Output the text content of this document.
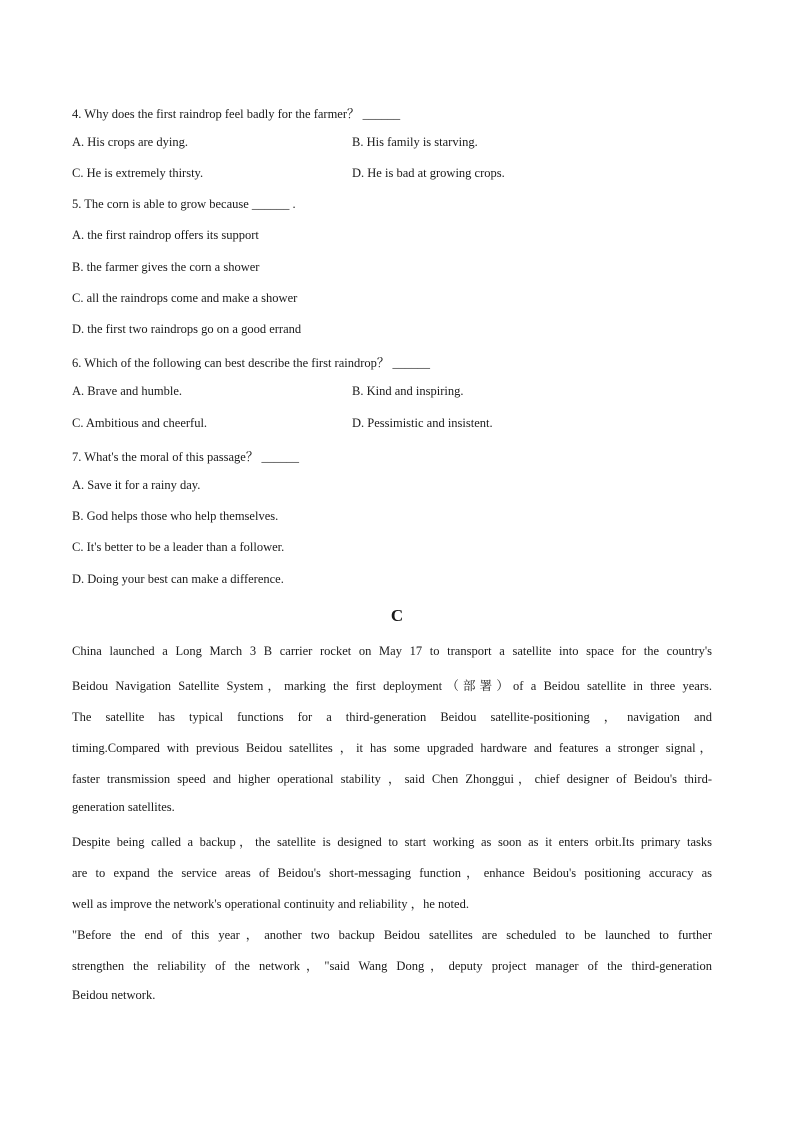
4. Why does the first raindrop feel badly for the farmer？ ______
A. His crops are dying.	B. His family is starving.
C. He is extremely thirsty.	D. He is bad at growing crops.
5. The corn is able to grow because ______ .
A. the first raindrop offers its support
B. the farmer gives the corn a shower
C. all the raindrops come and make a shower
D. the first two raindrops go on a good errand
6. Which of the following can best describe the first raindrop？ ______
A. Brave and humble.	B. Kind and inspiring.
C. Ambitious and cheerful.	D. Pessimistic and insistent.
7. What's the moral of this passage？ ______
A. Save it for a rainy day.
B. God helps those who help themselves.
C. It's better to be a leader than a follower.
D. Doing your best can make a difference.
C
China launched a Long March 3 B carrier rocket on May 17 to transport a satellite into space for the country's
Beidou Navigation Satellite System，marking the first deployment（部署）of a Beidou satellite in three years.
The satellite has typical functions for a third-generation Beidou satellite-positioning ，navigation and
timing.Compared with previous Beidou satellites ，it has some upgraded hardware and features a stronger signal，
faster transmission speed and higher operational stability ，said Chen Zhonggui，chief designer of Beidou's third-
generation satellites.
Despite being called a backup，the satellite is designed to start working as soon as it enters orbit.Its primary tasks
are to expand the service areas of Beidou's short-messaging function，enhance Beidou's positioning accuracy as
well as improve the network's operational continuity and reliability ，he noted.
"Before the end of this year，another two backup Beidou satellites are scheduled to be launched to further
strengthen the reliability of the network，"said Wang Dong，deputy project manager of the third-generation
Beidou network.
